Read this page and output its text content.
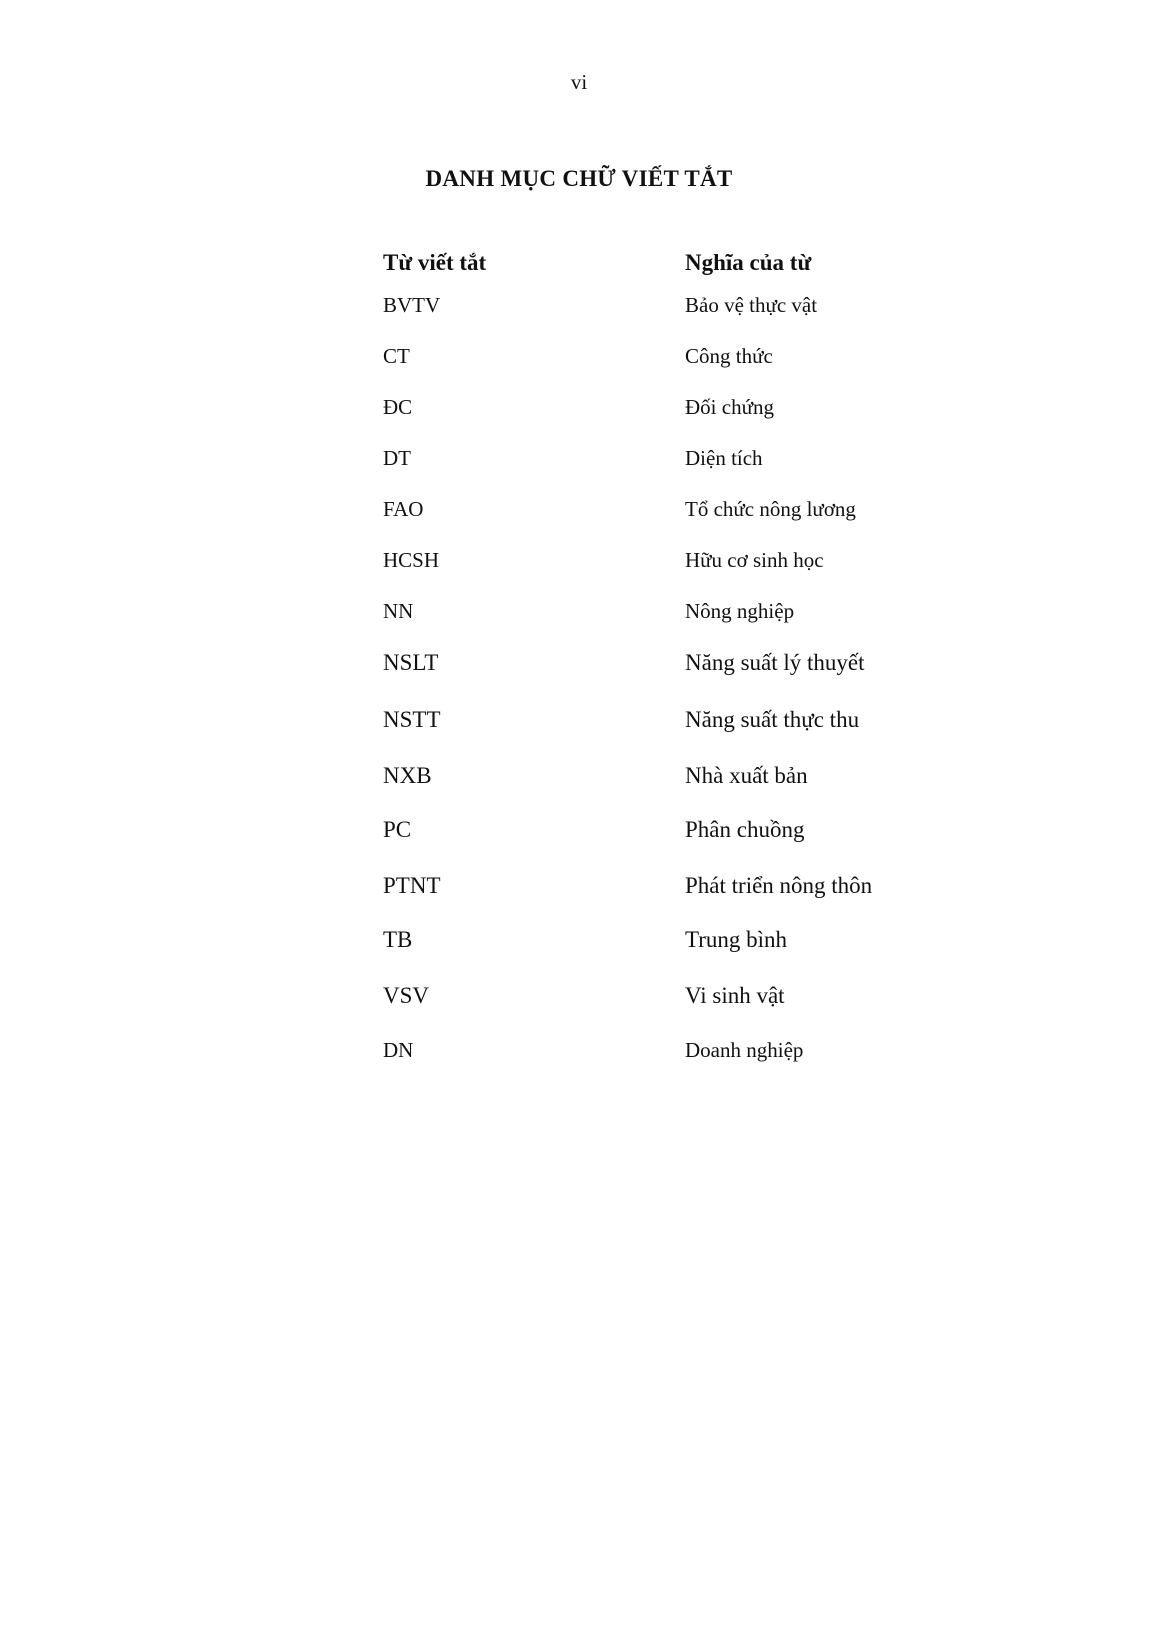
vi
DANH MỤC CHỮ VIẾT TẮT
Từ viết tắt	Nghĩa của từ
BVTV	Bảo vệ thực vật
CT	Công thức
ĐC	Đối chứng
DT	Diện tích
FAO	Tổ chức nông lương
HCSH	Hữu cơ sinh học
NN	Nông nghiệp
NSLT	Năng suất lý thuyết
NSTT	Năng suất thực thu
NXB	Nhà xuất bản
PC	Phân chuồng
PTNT	Phát triển nông thôn
TB	Trung bình
VSV	Vi sinh vật
DN	Doanh nghiệp
